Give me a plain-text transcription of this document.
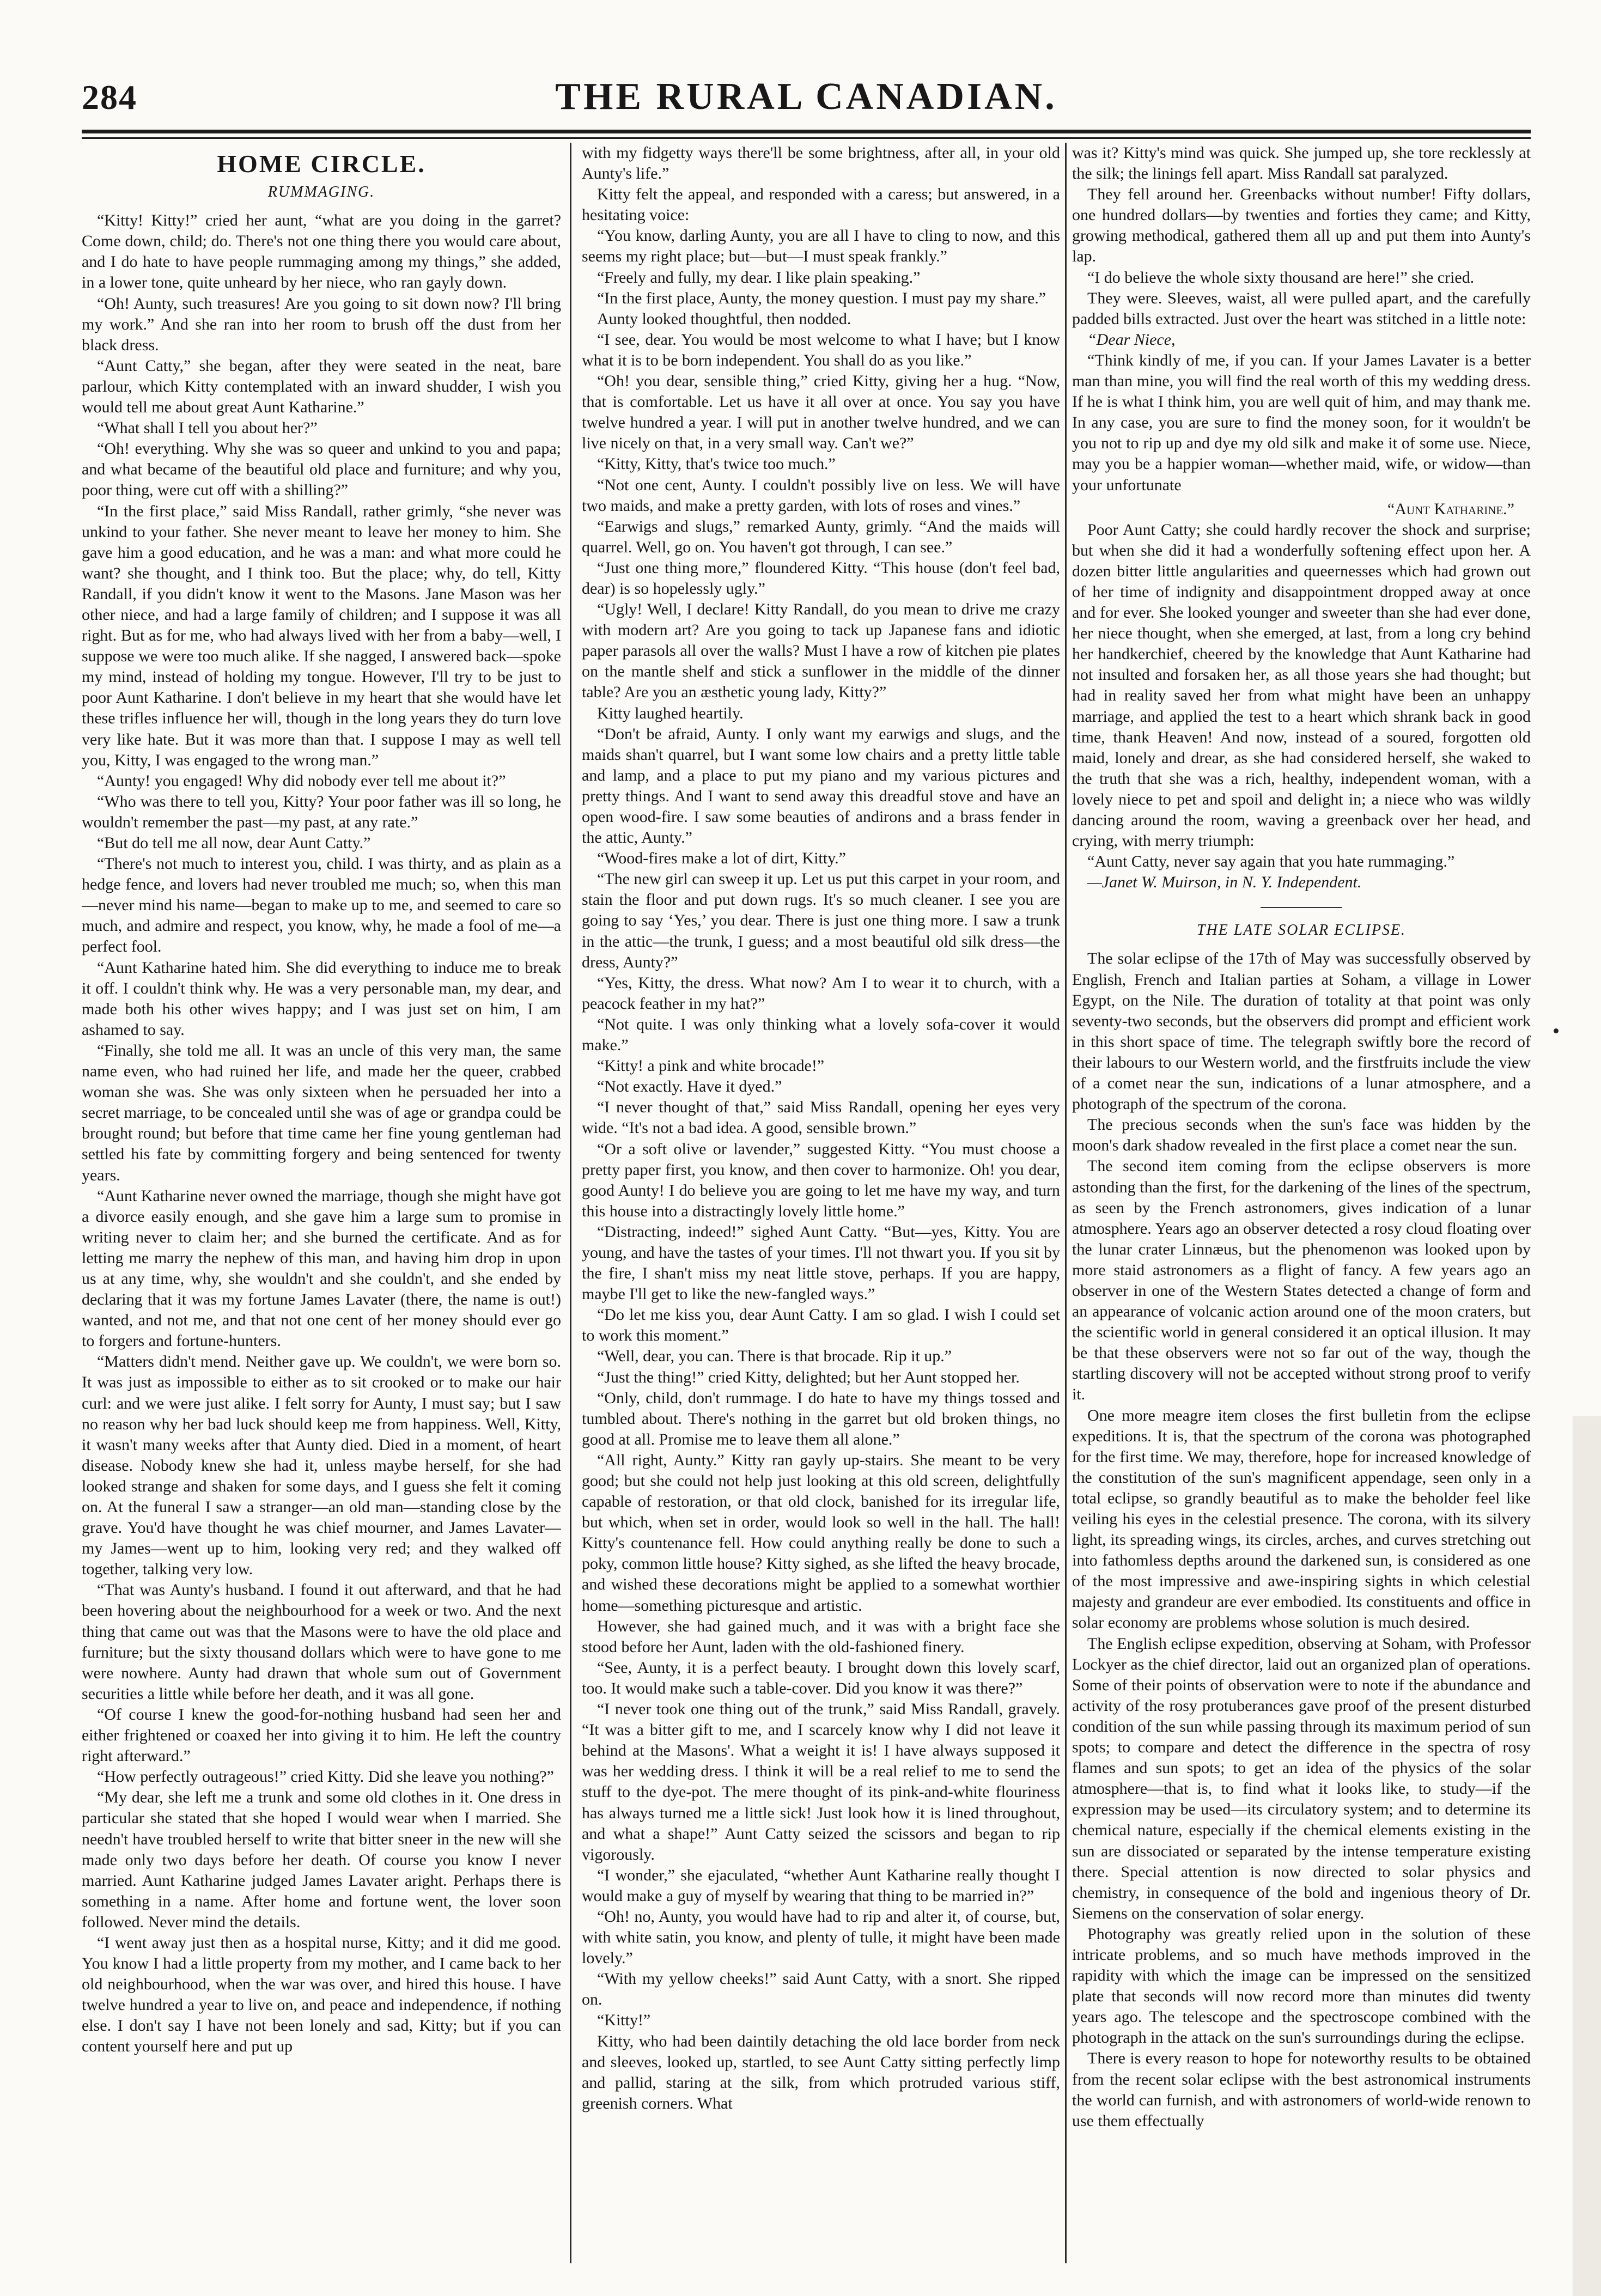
284	THE RURAL CANADIAN.
HOME CIRCLE.
RUMMAGING.

“Kitty! Kitty!” cried her aunt, “what are you doing in the garret? Come down, child; do. There's not one thing there you would care about, and I do hate to have people rummaging among my things,” she added, in a lower tone, quite unheard by her niece, who ran gayly down.

“Oh! Aunty, such treasures! Are you going to sit down now? I'll bring my work.” And she ran into her room to brush off the dust from her black dress.

“Aunt Catty,” she began, after they were seated in the neat, bare parlour, which Kitty contemplated with an inward shudder, I wish you would tell me about great Aunt Katharine.”

“What shall I tell you about her?”

“Oh! everything. Why she was so queer and unkind to you and papa; and what became of the beautiful old place and furniture; and why you, poor thing, were cut off with a shilling?”

“In the first place,” said Miss Randall, rather grimly, “she never was unkind to your father. She never meant to leave her money to him. She gave him a good education, and he was a man: and what more could he want? she thought, and I think too. But the place; why, do tell, Kitty Randall, if you didn't know it went to the Masons. Jane Mason was her other niece, and had a large family of children; and I suppose it was all right. But as for me, who had always lived with her from a baby—well, I suppose we were too much alike. If she nagged, I answered back—spoke my mind, instead of holding my tongue. However, I'll try to be just to poor Aunt Katharine. I don't believe in my heart that she would have let these trifles influence her will, though in the long years they do turn love very like hate. But it was more than that. I suppose I may as well tell you, Kitty, I was engaged to the wrong man.”

“Aunty! you engaged! Why did nobody ever tell me about it?”

“Who was there to tell you, Kitty? Your poor father was ill so long, he wouldn't remember the past—my past, at any rate.”

“But do tell me all now, dear Aunt Catty.”

“There's not much to interest you, child. I was thirty, and as plain as a hedge fence, and lovers had never troubled me much; so, when this man—never mind his name—began to make up to me, and seemed to care so much, and admire and respect, you know, why, he made a fool of me—a perfect fool.

“Aunt Katharine hated him. She did everything to induce me to break it off. I couldn't think why. He was a very personable man, my dear, and made both his other wives happy; and I was just set on him, I am ashamed to say.

“Finally, she told me all. It was an uncle of this very man, the same name even, who had ruined her life, and made her the queer, crabbed woman she was. She was only sixteen when he persuaded her into a secret marriage, to be concealed until she was of age or grandpa could be brought round; but before that time came her fine young gentleman had settled his fate by committing forgery and being sentenced for twenty years.

“Aunt Katharine never owned the marriage, though she might have got a divorce easily enough, and she gave him a large sum to promise in writing never to claim her; and she burned the certificate. And as for letting me marry the nephew of this man, and having him drop in upon us at any time, why, she wouldn't and she couldn't, and she ended by declaring that it was my fortune James Lavater (there, the name is out!) wanted, and not me, and that not one cent of her money should ever go to forgers and fortune-hunters.

“Matters didn't mend. Neither gave up. We couldn't, we were born so. It was just as impossible to either as to sit crooked or to make our hair curl: and we were just alike. I felt sorry for Aunty, I must say; but I saw no reason why her bad luck should keep me from happiness. Well, Kitty, it wasn't many weeks after that Aunty died. Died in a moment, of heart disease. Nobody knew she had it, unless maybe herself, for she had looked strange and shaken for some days, and I guess she felt it coming on. At the funeral I saw a stranger—an old man—standing close by the grave. You'd have thought he was chief mourner, and James Lavater—my James—went up to him, looking very red; and they walked off together, talking very low.

“That was Aunty's husband. I found it out afterward, and that he had been hovering about the neighbourhood for a week or two. And the next thing that came out was that the Masons were to have the old place and furniture; but the sixty thousand dollars which were to have gone to me were nowhere. Aunty had drawn that whole sum out of Government securities a little while before her death, and it was all gone.

“Of course I knew the good-for-nothing husband had seen her and either frightened or coaxed her into giving it to him. He left the country right afterward.”

“How perfectly outrageous!” cried Kitty. Did she leave you nothing?”

“My dear, she left me a trunk and some old clothes in it. One dress in particular she stated that she hoped I would wear when I married. She needn't have troubled herself to write that bitter sneer in the new will she made only two days before her death. Of course you know I never married. Aunt Katharine judged James Lavater aright. Perhaps there is something in a name. After home and fortune went, the lover soon followed. Never mind the details.

“I went away just then as a hospital nurse, Kitty; and it did me good. You know I had a little property from my mother, and I came back to her old neighbourhood, when the war was over, and hired this house. I have twelve hundred a year to live on, and peace and independence, if nothing else. I don't say I have not been lonely and sad, Kitty; but if you can content yourself here and put up

with my fidgetty ways there'll be some brightness, after all, in your old Aunty's life.”

Kitty felt the appeal, and responded with a caress; but answered, in a hesitating voice:

“You know, darling Aunty, you are all I have to cling to now, and this seems my right place; but—but—I must speak frankly.”

“Freely and fully, my dear. I like plain speaking.”

“In the first place, Aunty, the money question. I must pay my share.”

Aunty looked thoughtful, then nodded.

“I see, dear. You would be most welcome to what I have; but I know what it is to be born independent. You shall do as you like.”

“Oh! you dear, sensible thing,” cried Kitty, giving her a hug. “Now, that is comfortable. Let us have it all over at once. You say you have twelve hundred a year. I will put in another twelve hundred, and we can live nicely on that, in a very small way. Can't we?”

“Kitty, Kitty, that's twice too much.”

“Not one cent, Aunty. I couldn't possibly live on less. We will have two maids, and make a pretty garden, with lots of roses and vines.”

“Earwigs and slugs,” remarked Aunty, grimly. “And the maids will quarrel. Well, go on. You haven't got through, I can see.”

“Just one thing more,” floundered Kitty. “This house (don't feel bad, dear) is so hopelessly ugly.”

“Ugly! Well, I declare! Kitty Randall, do you mean to drive me crazy with modern art? Are you going to tack up Japanese fans and idiotic paper parasols all over the walls? Must I have a row of kitchen pie plates on the mantle shelf and stick a sunflower in the middle of the dinner table? Are you an æsthetic young lady, Kitty?”

Kitty laughed heartily.

“Don't be afraid, Aunty. I only want my earwigs and slugs, and the maids shan't quarrel, but I want some low chairs and a pretty little table and lamp, and a place to put my piano and my various pictures and pretty things. And I want to send away this dreadful stove and have an open wood-fire. I saw some beauties of andirons and a brass fender in the attic, Aunty.”

“Wood-fires make a lot of dirt, Kitty.”

“The new girl can sweep it up. Let us put this carpet in your room, and stain the floor and put down rugs. It's so much cleaner. I see you are going to say ‘Yes,’ you dear. There is just one thing more. I saw a trunk in the attic—the trunk, I guess; and a most beautiful old silk dress—the dress, Aunty?”

“Yes, Kitty, the dress. What now? Am I to wear it to church, with a peacock feather in my hat?”

“Not quite. I was only thinking what a lovely sofa-cover it would make.”

“Kitty! a pink and white brocade!”

“Not exactly. Have it dyed.”

“I never thought of that,” said Miss Randall, opening her eyes very wide. “It's not a bad idea. A good, sensible brown.”

“Or a soft olive or lavender,” suggested Kitty. “You must choose a pretty paper first, you know, and then cover to harmonize. Oh! you dear, good Aunty! I do believe you are going to let me have my way, and turn this house into a distractingly lovely little home.”

“Distracting, indeed!” sighed Aunt Catty. “But—yes, Kitty. You are young, and have the tastes of your times. I'll not thwart you. If you sit by the fire, I shan't miss my neat little stove, perhaps. If you are happy, maybe I'll get to like the new-fangled ways.”

“Do let me kiss you, dear Aunt Catty. I am so glad. I wish I could set to work this moment.”

“Well, dear, you can. There is that brocade. Rip it up.”

“Just the thing!” cried Kitty, delighted; but her Aunt stopped her.

“Only, child, don't rummage. I do hate to have my things tossed and tumbled about. There's nothing in the garret but old broken things, no good at all. Promise me to leave them all alone.”

“All right, Aunty.” Kitty ran gayly up-stairs. She meant to be very good; but she could not help just looking at this old screen, delightfully capable of restoration, or that old clock, banished for its irregular life, but which, when set in order, would look so well in the hall. The hall! Kitty's countenance fell. How could anything really be done to such a poky, common little house? Kitty sighed, as she lifted the heavy brocade, and wished these decorations might be applied to a somewhat worthier home—something picturesque and artistic.

However, she had gained much, and it was with a bright face she stood before her Aunt, laden with the old-fashioned finery.

“See, Aunty, it is a perfect beauty. I brought down this lovely scarf, too. It would make such a table-cover. Did you know it was there?”

“I never took one thing out of the trunk,” said Miss Randall, gravely. “It was a bitter gift to me, and I scarcely know why I did not leave it behind at the Masons'. What a weight it is! I have always supposed it was her wedding dress. I think it will be a real relief to me to send the stuff to the dye-pot. The mere thought of its pink-and-white flouriness has always turned me a little sick! Just look how it is lined throughout, and what a shape!” Aunt Catty seized the scissors and began to rip vigorously.

“I wonder,” she ejaculated, “whether Aunt Katharine really thought I would make a guy of myself by wearing that thing to be married in?”

“Oh! no, Aunty, you would have had to rip and alter it, of course, but, with white satin, you know, and plenty of tulle, it might have been made lovely.”

“With my yellow cheeks!” said Aunt Catty, with a snort. She ripped on.

“Kitty!”

Kitty, who had been daintily detaching the old lace border from neck and sleeves, looked up, startled, to see Aunt Catty sitting perfectly limp and pallid, staring at the silk, from which protruded various stiff, greenish corners. What

was it? Kitty's mind was quick. She jumped up, she tore recklessly at the silk; the linings fell apart. Miss Randall sat paralyzed.

They fell around her. Greenbacks without number! Fifty dollars, one hundred dollars—by twenties and forties they came; and Kitty, growing methodical, gathered them all up and put them into Aunty's lap.

“I do believe the whole sixty thousand are here!” she cried.

They were. Sleeves, waist, all were pulled apart, and the carefully padded bills extracted. Just over the heart was stitched in a little note:

“Dear Niece,

“Think kindly of me, if you can. If your James Lavater is a better man than mine, you will find the real worth of this my wedding dress. If he is what I think him, you are well quit of him, and may thank me. In any case, you are sure to find the money soon, for it wouldn't be you not to rip up and dye my old silk and make it of some use. Niece, may you be a happier woman—whether maid, wife, or widow—than your unfortunate

“Aunt Katharine.”

Poor Aunt Catty; she could hardly recover the shock and surprise; but when she did it had a wonderfully softening effect upon her. A dozen bitter little angularities and queernesses which had grown out of her time of indignity and disappointment dropped away at once and for ever. She looked younger and sweeter than she had ever done, her niece thought, when she emerged, at last, from a long cry behind her handkerchief, cheered by the knowledge that Aunt Katharine had not insulted and forsaken her, as all those years she had thought; but had in reality saved her from what might have been an unhappy marriage, and applied the test to a heart which shrank back in good time, thank Heaven! And now, instead of a soured, forgotten old maid, lonely and drear, as she had considered herself, she waked to the truth that she was a rich, healthy, independent woman, with a lovely niece to pet and spoil and delight in; a niece who was wildly dancing around the room, waving a greenback over her head, and crying, with merry triumph:

“Aunt Catty, never say again that you hate rummaging.”

—Janet W. Muirson, in N. Y. Independent.

THE LATE SOLAR ECLIPSE.

The solar eclipse of the 17th of May was successfully observed by English, French and Italian parties at Soham, a village in Lower Egypt, on the Nile. The duration of totality at that point was only seventy-two seconds, but the observers did prompt and efficient work in this short space of time. The telegraph swiftly bore the record of their labours to our Western world, and the firstfruits include the view of a comet near the sun, indications of a lunar atmosphere, and a photograph of the spectrum of the corona.

The precious seconds when the sun's face was hidden by the moon's dark shadow revealed in the first place a comet near the sun.

The second item coming from the eclipse observers is more astonding than the first, for the darkening of the lines of the spectrum, as seen by the French astronomers, gives indication of a lunar atmosphere. Years ago an observer detected a rosy cloud floating over the lunar crater Linnæus, but the phenomenon was looked upon by more staid astronomers as a flight of fancy. A few years ago an observer in one of the Western States detected a change of form and an appearance of volcanic action around one of the moon craters, but the scientific world in general considered it an optical illusion. It may be that these observers were not so far out of the way, though the startling discovery will not be accepted without strong proof to verify it.

One more meagre item closes the first bulletin from the eclipse expeditions. It is, that the spectrum of the corona was photographed for the first time. We may, therefore, hope for increased knowledge of the constitution of the sun's magnificent appendage, seen only in a total eclipse, so grandly beautiful as to make the beholder feel like veiling his eyes in the celestial presence. The corona, with its silvery light, its spreading wings, its circles, arches, and curves stretching out into fathomless depths around the darkened sun, is considered as one of the most impressive and awe-inspiring sights in which celestial majesty and grandeur are ever embodied. Its constituents and office in solar economy are problems whose solution is much desired.

The English eclipse expedition, observing at Soham, with Professor Lockyer as the chief director, laid out an organized plan of operations. Some of their points of observation were to note if the abundance and activity of the rosy protuberances gave proof of the present disturbed condition of the sun while passing through its maximum period of sun spots; to compare and detect the difference in the spectra of rosy flames and sun spots; to get an idea of the physics of the solar atmosphere—that is, to find what it looks like, to study—if the expression may be used—its circulatory system; and to determine its chemical nature, especially if the chemical elements existing in the sun are dissociated or separated by the intense temperature existing there. Special attention is now directed to solar physics and chemistry, in consequence of the bold and ingenious theory of Dr. Siemens on the conservation of solar energy.

Photography was greatly relied upon in the solution of these intricate problems, and so much have methods improved in the rapidity with which the image can be impressed on the sensitized plate that seconds will now record more than minutes did twenty years ago. The telescope and the spectroscope combined with the photograph in the attack on the sun's surroundings during the eclipse.

There is every reason to hope for noteworthy results to be obtained from the recent solar eclipse with the best astronomical instruments the world can furnish, and with astronomers of world-wide renown to use them effectually
